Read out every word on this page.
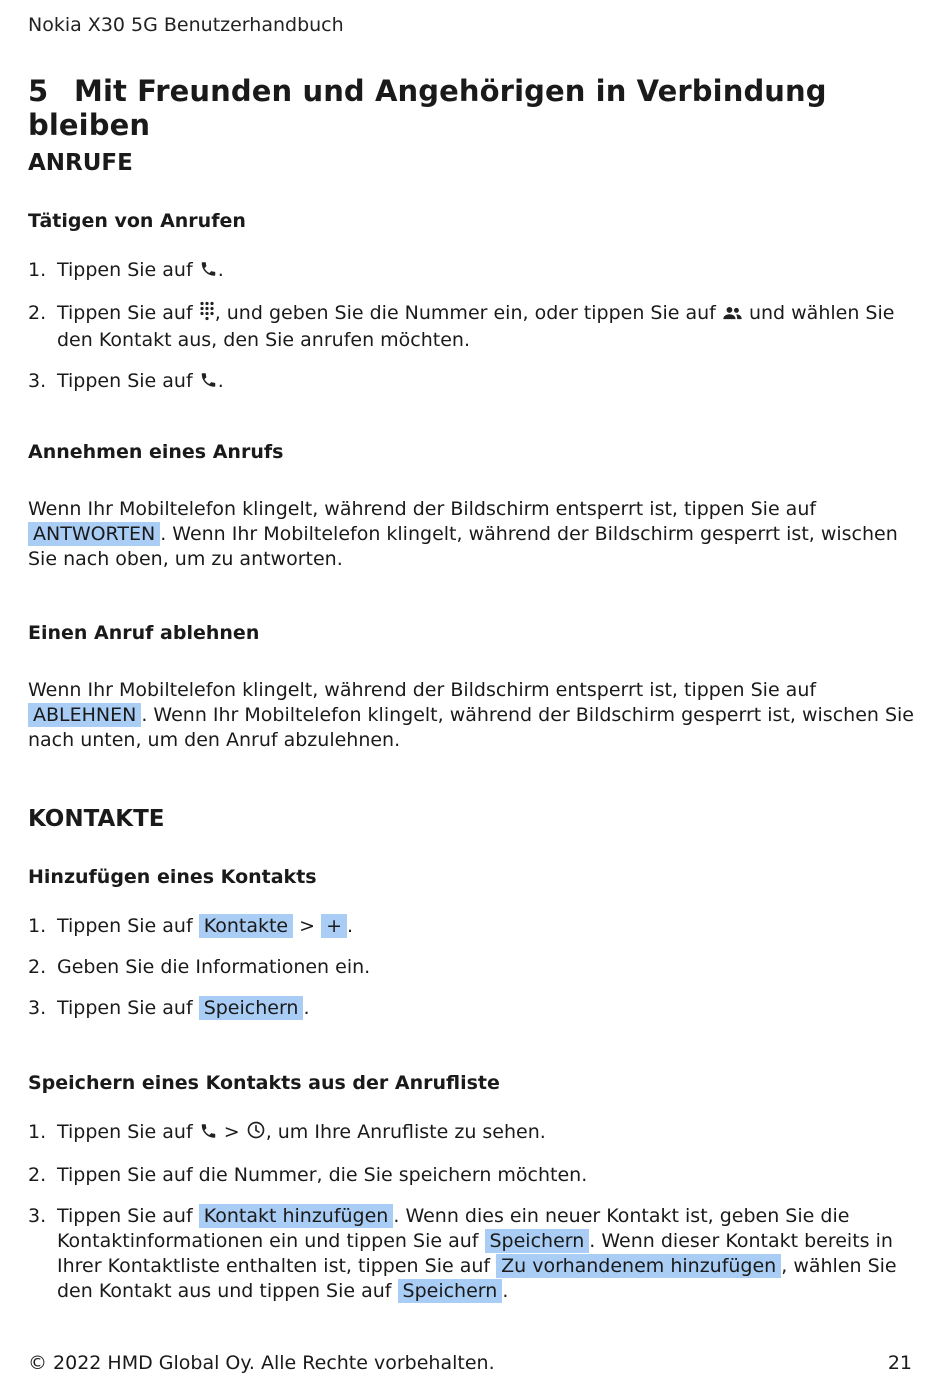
Nokia X30 5G Benutzerhandbuch
5 Mit Freunden und Angehörigen in Verbindung bleiben
ANRUFE
Tätigen von Anrufen
1. Tippen Sie auf .
2. Tippen Sie auf , und geben Sie die Nummer ein, oder tippen Sie auf  und wählen Sie den Kontakt aus, den Sie anrufen möchten.
3. Tippen Sie auf .
Annehmen eines Anrufs
Wenn Ihr Mobiltelefon klingelt, während der Bildschirm entsperrt ist, tippen Sie auf ANTWORTEN . Wenn Ihr Mobiltelefon klingelt, während der Bildschirm gesperrt ist, wischen Sie nach oben, um zu antworten.
Einen Anruf ablehnen
Wenn Ihr Mobiltelefon klingelt, während der Bildschirm entsperrt ist, tippen Sie auf ABLEHNEN . Wenn Ihr Mobiltelefon klingelt, während der Bildschirm gesperrt ist, wischen Sie nach unten, um den Anruf abzulehnen.
KONTAKTE
Hinzufügen eines Kontakts
1. Tippen Sie auf Kontakte > + .
2. Geben Sie die Informationen ein.
3. Tippen Sie auf Speichern .
Speichern eines Kontakts aus der Anrufliste
1. Tippen Sie auf  > , um Ihre Anrufliste zu sehen.
2. Tippen Sie auf die Nummer, die Sie speichern möchten.
3. Tippen Sie auf Kontakt hinzufügen . Wenn dies ein neuer Kontakt ist, geben Sie die Kontaktinformationen ein und tippen Sie auf Speichern . Wenn dieser Kontakt bereits in Ihrer Kontaktliste enthalten ist, tippen Sie auf Zu vorhandenem hinzufügen , wählen Sie den Kontakt aus und tippen Sie auf Speichern .
© 2022 HMD Global Oy. Alle Rechte vorbehalten.	21
